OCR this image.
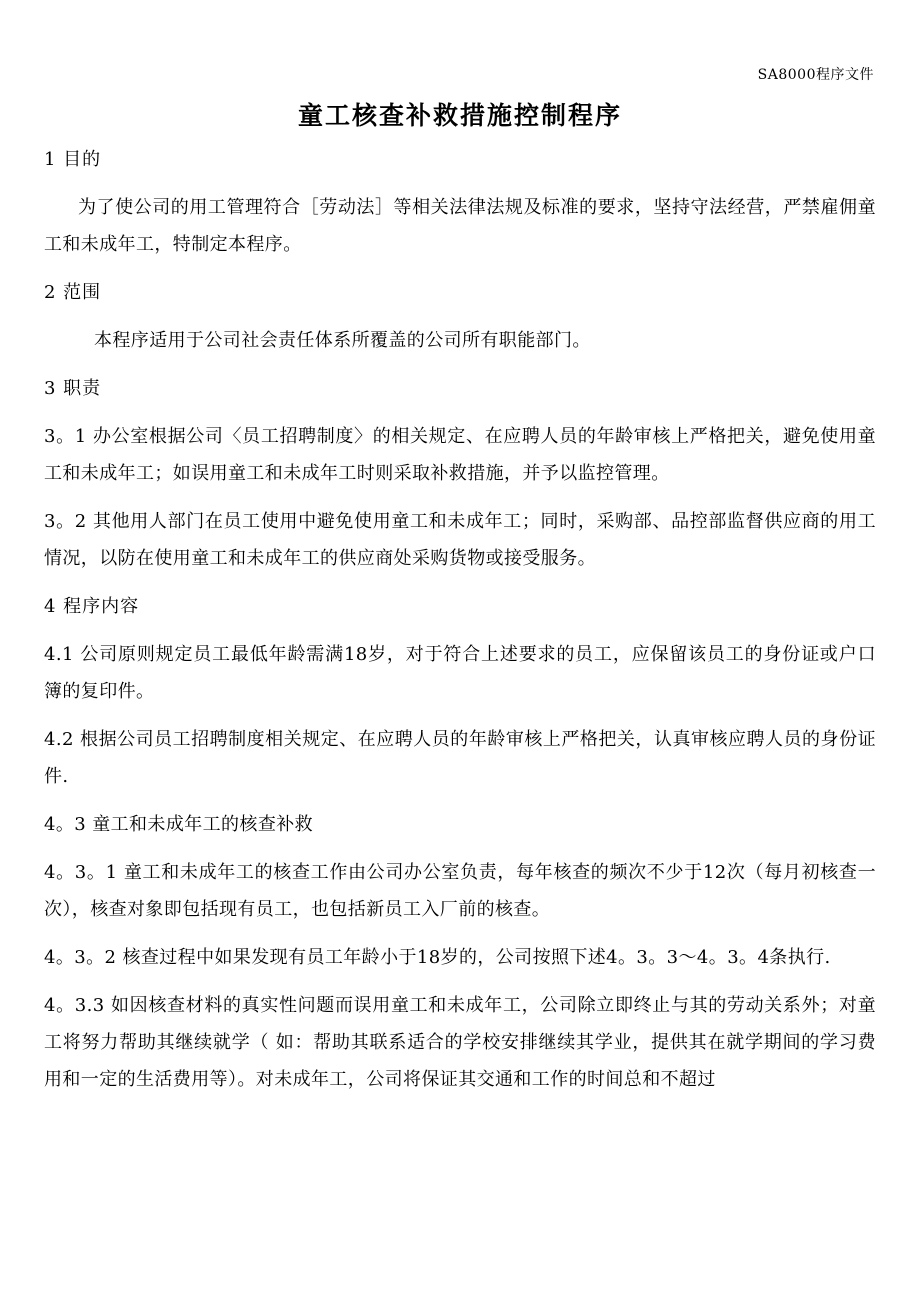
SA8000程序文件
童工核查补救措施控制程序

1 目的

为了使公司的用工管理符合［劳动法］等相关法律法规及标准的要求，坚持守法经营，严禁雇佣童工和未成年工，特制定本程序。

2 范围

本程序适用于公司社会责任体系所覆盖的公司所有职能部门。

3 职责

3。1 办公室根据公司〈员工招聘制度〉的相关规定、在应聘人员的年龄审核上严格把关，避免使用童工和未成年工；如误用童工和未成年工时则采取补救措施，并予以监控管理。

3。2 其他用人部门在员工使用中避免使用童工和未成年工；同时，采购部、品控部监督供应商的用工情况，以防在使用童工和未成年工的供应商处采购货物或接受服务。

4 程序内容

4.1 公司原则规定员工最低年龄需满18岁，对于符合上述要求的员工，应保留该员工的身份证或户口簿的复印件。

4.2 根据公司员工招聘制度相关规定、在应聘人员的年龄审核上严格把关，认真审核应聘人员的身份证件.

4。3 童工和未成年工的核查补救

4。3。1 童工和未成年工的核查工作由公司办公室负责，每年核查的频次不少于12次（每月初核查一次），核查对象即包括现有员工，也包括新员工入厂前的核查。

4。3。2 核查过程中如果发现有员工年龄小于18岁的，公司按照下述4。3。3～4。3。4条执行.

4。3.3 如因核查材料的真实性问题而误用童工和未成年工，公司除立即终止与其的劳动关系外；对童工将努力帮助其继续就学（ 如：帮助其联系适合的学校安排继续其学业，提供其在就学期间的学习费用和一定的生活费用等）。对未成年工，公司将保证其交通和工作的时间总和不超过
